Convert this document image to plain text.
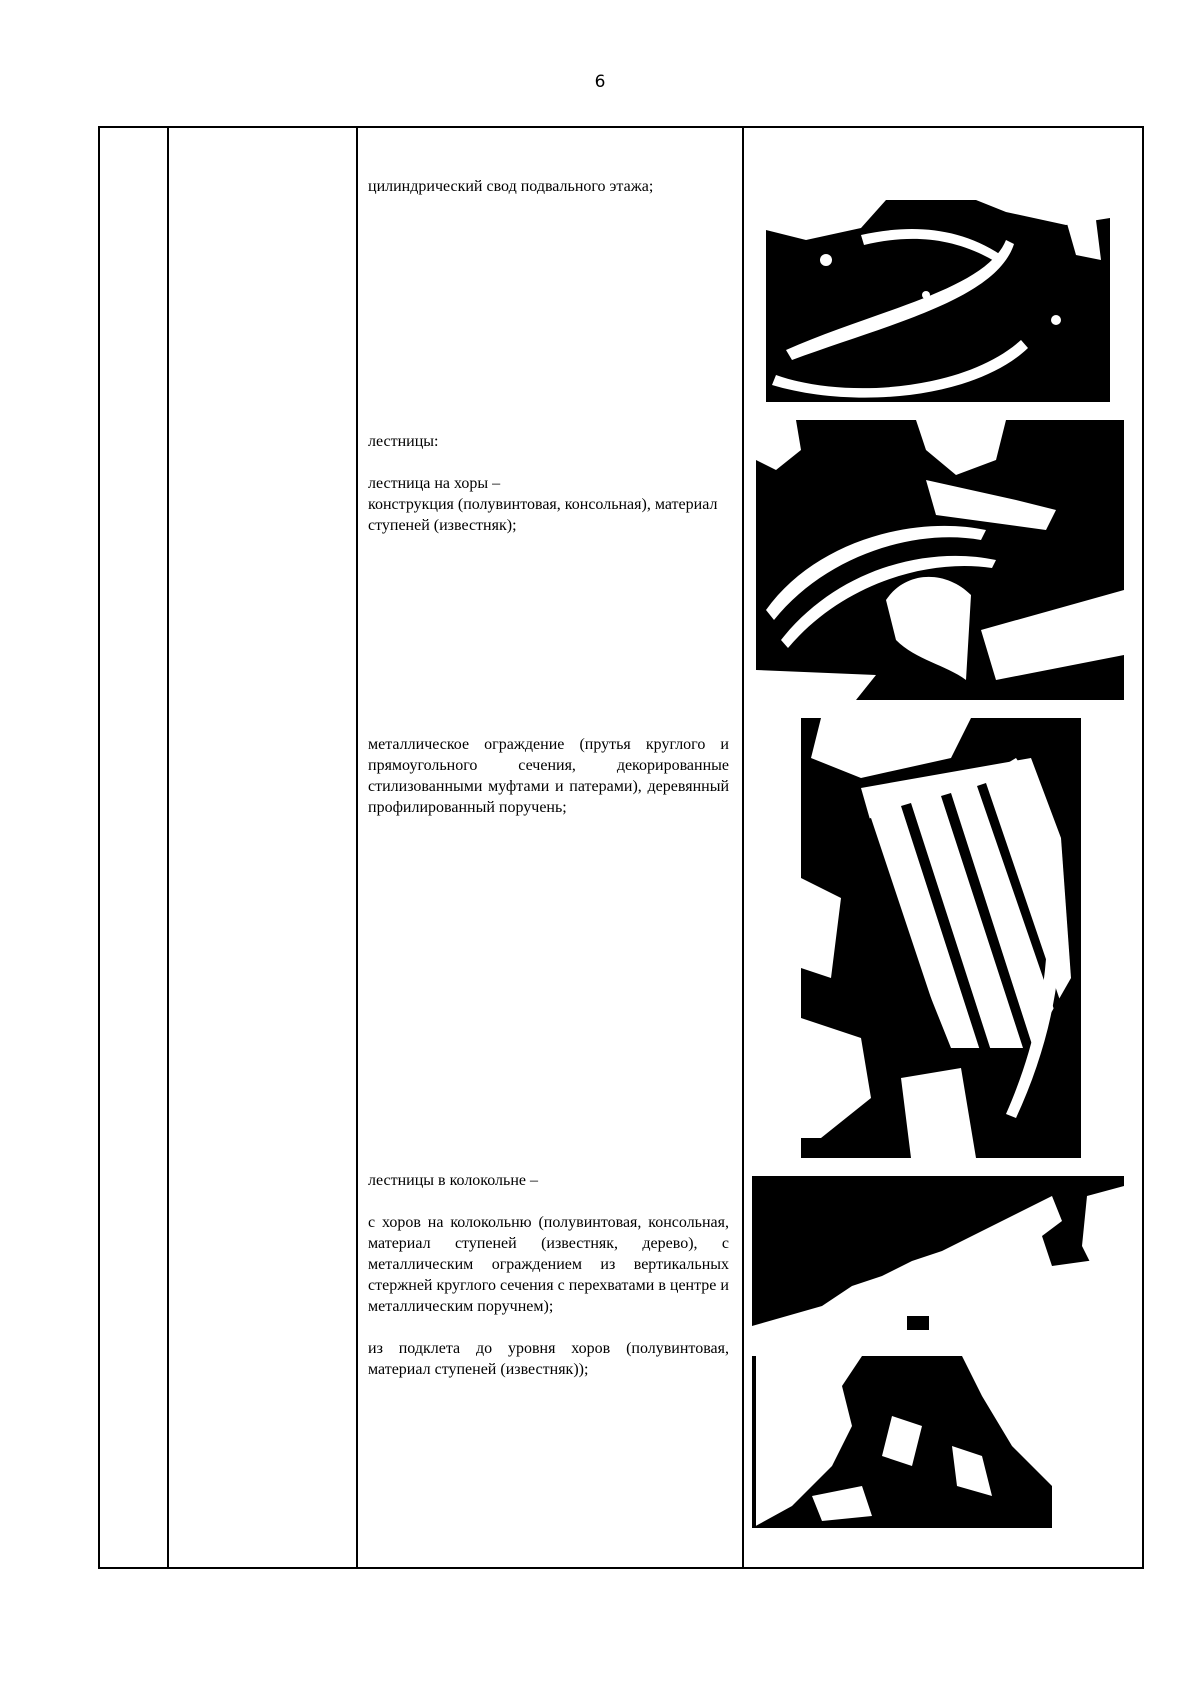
6

цилиндрический свод подвального этажа;

лестницы:

лестница на хоры –
конструкция (полувинтовая, консольная), материал ступеней (известняк);

металлическое ограждение (прутья круглого и прямоугольного сечения, декорированные стилизованными муфтами и патерами), деревянный профилированный поручень;

лестницы в колокольне –

с хоров на колокольню (полувинтовая, консольная, материал ступеней (известняк, дерево), с металлическим ограждением из вертикальных стержней круглого сечения с перехватами в центре и металлическим поручнем);

из подклета до уровня хоров (полувинтовая, материал ступеней (известняк));
